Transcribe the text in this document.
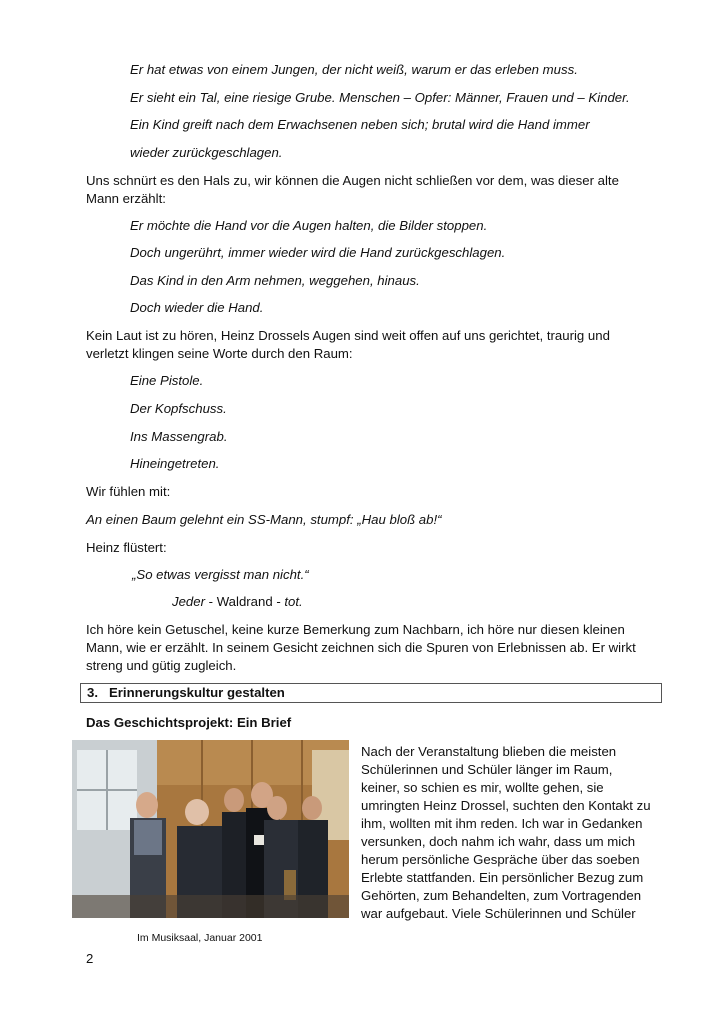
Er hat etwas von einem Jungen, der nicht weiß, warum er das erleben muss.
Er sieht ein Tal, eine riesige Grube. Menschen – Opfer: Männer, Frauen und – Kinder.
Ein Kind greift nach dem Erwachsenen neben sich; brutal wird die Hand immer
wieder zurückgeschlagen.
Uns schnürt es den Hals zu, wir können die Augen nicht schließen vor dem, was dieser alte
Mann erzählt:
Er möchte die Hand vor die Augen halten, die Bilder stoppen.
Doch ungerührt, immer wieder wird die Hand zurückgeschlagen.
Das Kind in den Arm nehmen, weggehen, hinaus.
Doch wieder die Hand.
Kein Laut ist zu hören, Heinz Drossels Augen sind weit offen auf uns gerichtet, traurig und
verletzt klingen seine Worte durch den Raum:
Eine Pistole.
Der Kopfschuss.
Ins Massengrab.
Hineingetreten.
Wir fühlen mit:
An einen Baum gelehnt ein SS-Mann, stumpf: „Hau bloß ab!“
Heinz flüstert:
„So etwas vergisst man nicht.“
Jeder - Waldrand - tot.
Ich höre kein Getuschel, keine kurze Bemerkung zum Nachbarn, ich höre nur diesen kleinen
Mann, wie er erzählt. In seinem Gesicht zeichnen sich die Spuren von Erlebnissen ab. Er wirkt
streng und gütig zugleich.
3.   Erinnerungskultur gestalten
Das Geschichtsprojekt: Ein Brief
Nach der Veranstaltung blieben die meisten
Schülerinnen und Schüler länger im Raum,
keiner, so schien es mir, wollte gehen, sie
umringten Heinz Drossel, suchten den Kontakt zu
ihm, wollten mit ihm reden. Ich war in Gedanken
versunken, doch nahm ich wahr, dass um mich
herum persönliche Gespräche über das soeben
Erlebte stattfanden. Ein persönlicher Bezug zum
Gehörten, zum Behandelten, zum Vortragenden
war aufgebaut. Viele Schülerinnen und Schüler
Im Musiksaal, Januar 2001
2
